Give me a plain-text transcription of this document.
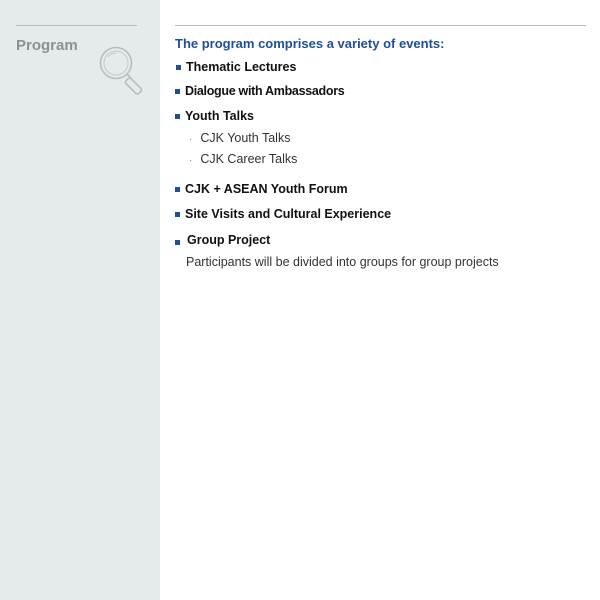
Program	The program comprises a variety of events:
Thematic Lectures
Dialogue with Ambassadors
Youth Talks
· CJK Youth Talks
· CJK Career Talks
CJK + ASEAN Youth Forum
Site Visits and Cultural Experience
Group Project
Participants will be divided into groups for group projects
